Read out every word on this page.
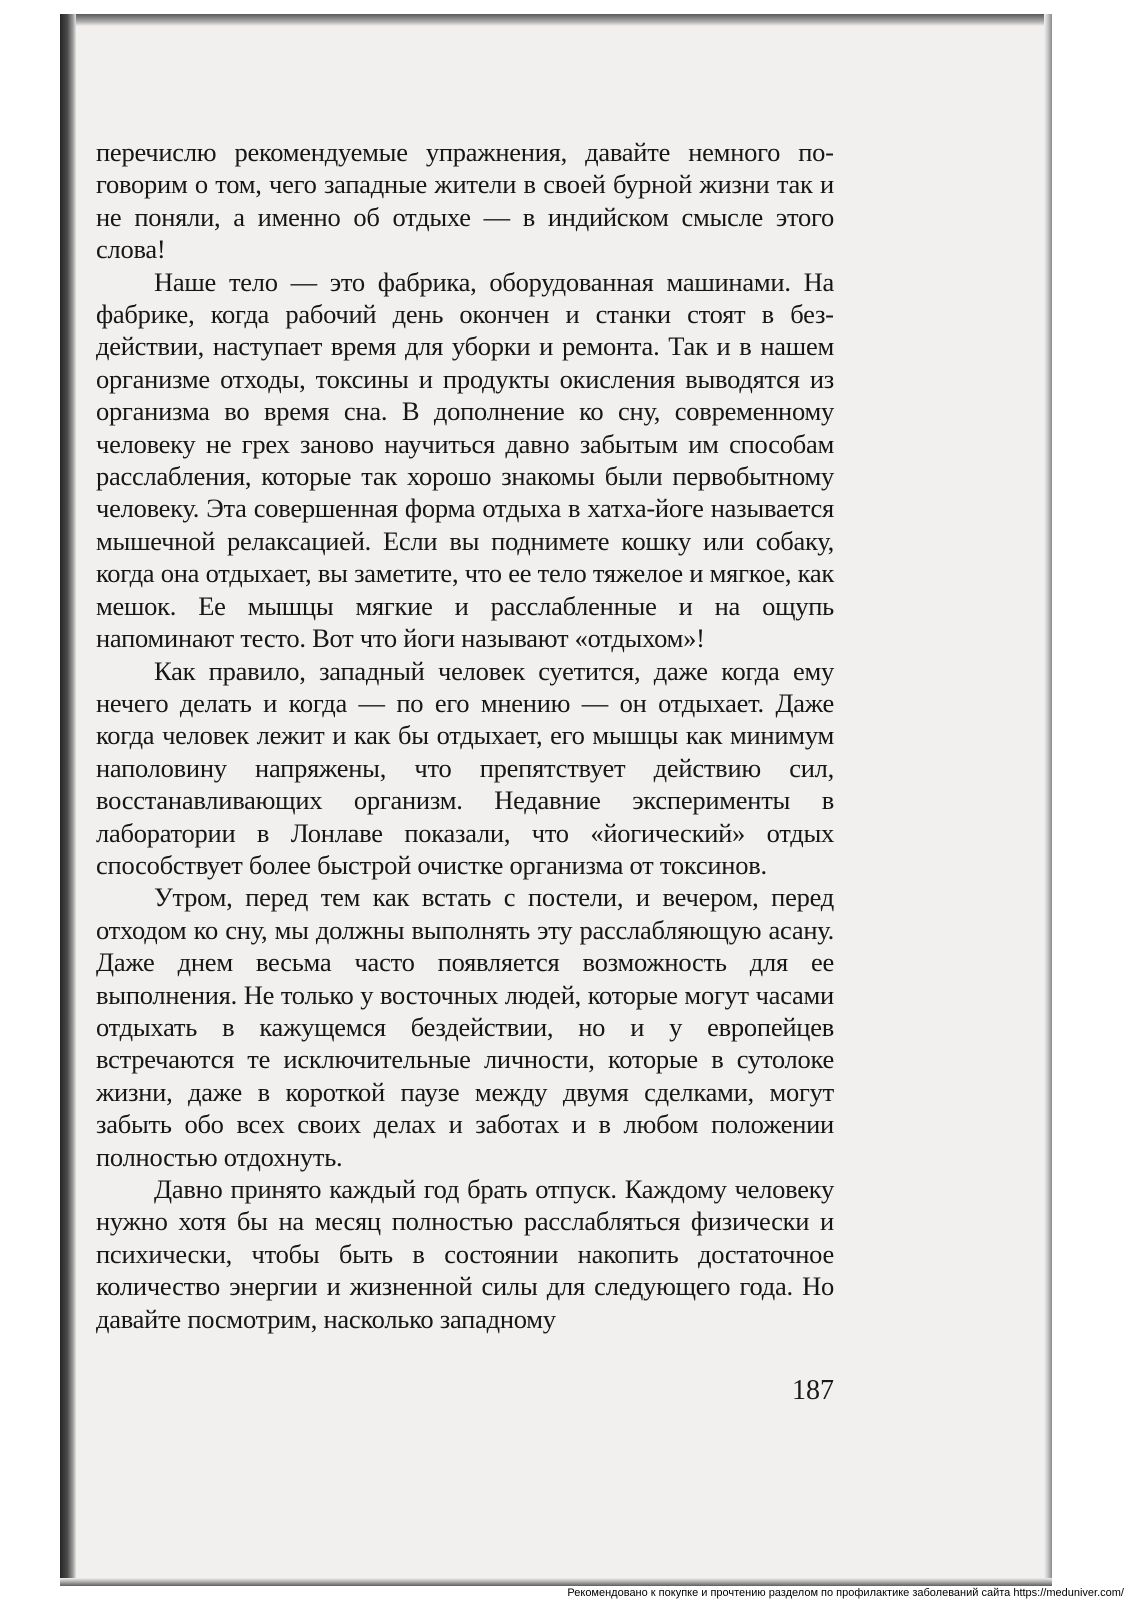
перечислю рекомендуемые упражнения, давайте немного поговорим о том, чего западные жители в своей бурной жизни так и не поняли, а именно об отдыхе — в индийском смысле этого слова!

Наше тело — это фабрика, оборудованная машинами. На фабрике, когда рабочий день окончен и станки стоят в бездействии, наступает время для уборки и ремонта. Так и в нашем организме отходы, токсины и продукты окисления выводятся из организма во время сна. В дополнение ко сну, современному человеку не грех заново научиться давно забытым им способам расслабления, которые так хорошо знакомы были первобытному человеку. Эта совершенная форма отдыха в хатха-йоге называется мышечной релаксацией. Если вы поднимете кошку или собаку, когда она отдыхает, вы заметите, что ее тело тяжелое и мягкое, как мешок. Ее мышцы мягкие и расслабленные и на ощупь напоминают тесто. Вот что йоги называют «отдыхом»!

Как правило, западный человек суетится, даже когда ему нечего делать и когда — по его мнению — он отдыхает. Даже когда человек лежит и как бы отдыхает, его мышцы как минимум наполовину напряжены, что препятствует действию сил, восстанавливающих организм. Недавние эксперименты в лаборатории в Лонлаве показали, что «йогический» отдых способствует более быстрой очистке организма от токсинов.

Утром, перед тем как встать с постели, и вечером, перед отходом ко сну, мы должны выполнять эту расслабляющую асану. Даже днем весьма часто появляется возможность для ее выполнения. Не только у восточных людей, которые могут часами отдыхать в кажущемся бездействии, но и у европейцев встречаются те исключительные личности, которые в сутолоке жизни, даже в короткой паузе между двумя сделками, могут забыть обо всех своих делах и заботах и в любом положении полностью отдохнуть.

Давно принято каждый год брать отпуск. Каждому человеку нужно хотя бы на месяц полностью расслабляться физически и психически, чтобы быть в состоянии накопить достаточное количество энергии и жизненной силы для следующего года. Но давайте посмотрим, насколько западному

187
Рекомендовано к покупке и прочтению разделом по профилактике заболеваний сайта https://meduniver.com/
